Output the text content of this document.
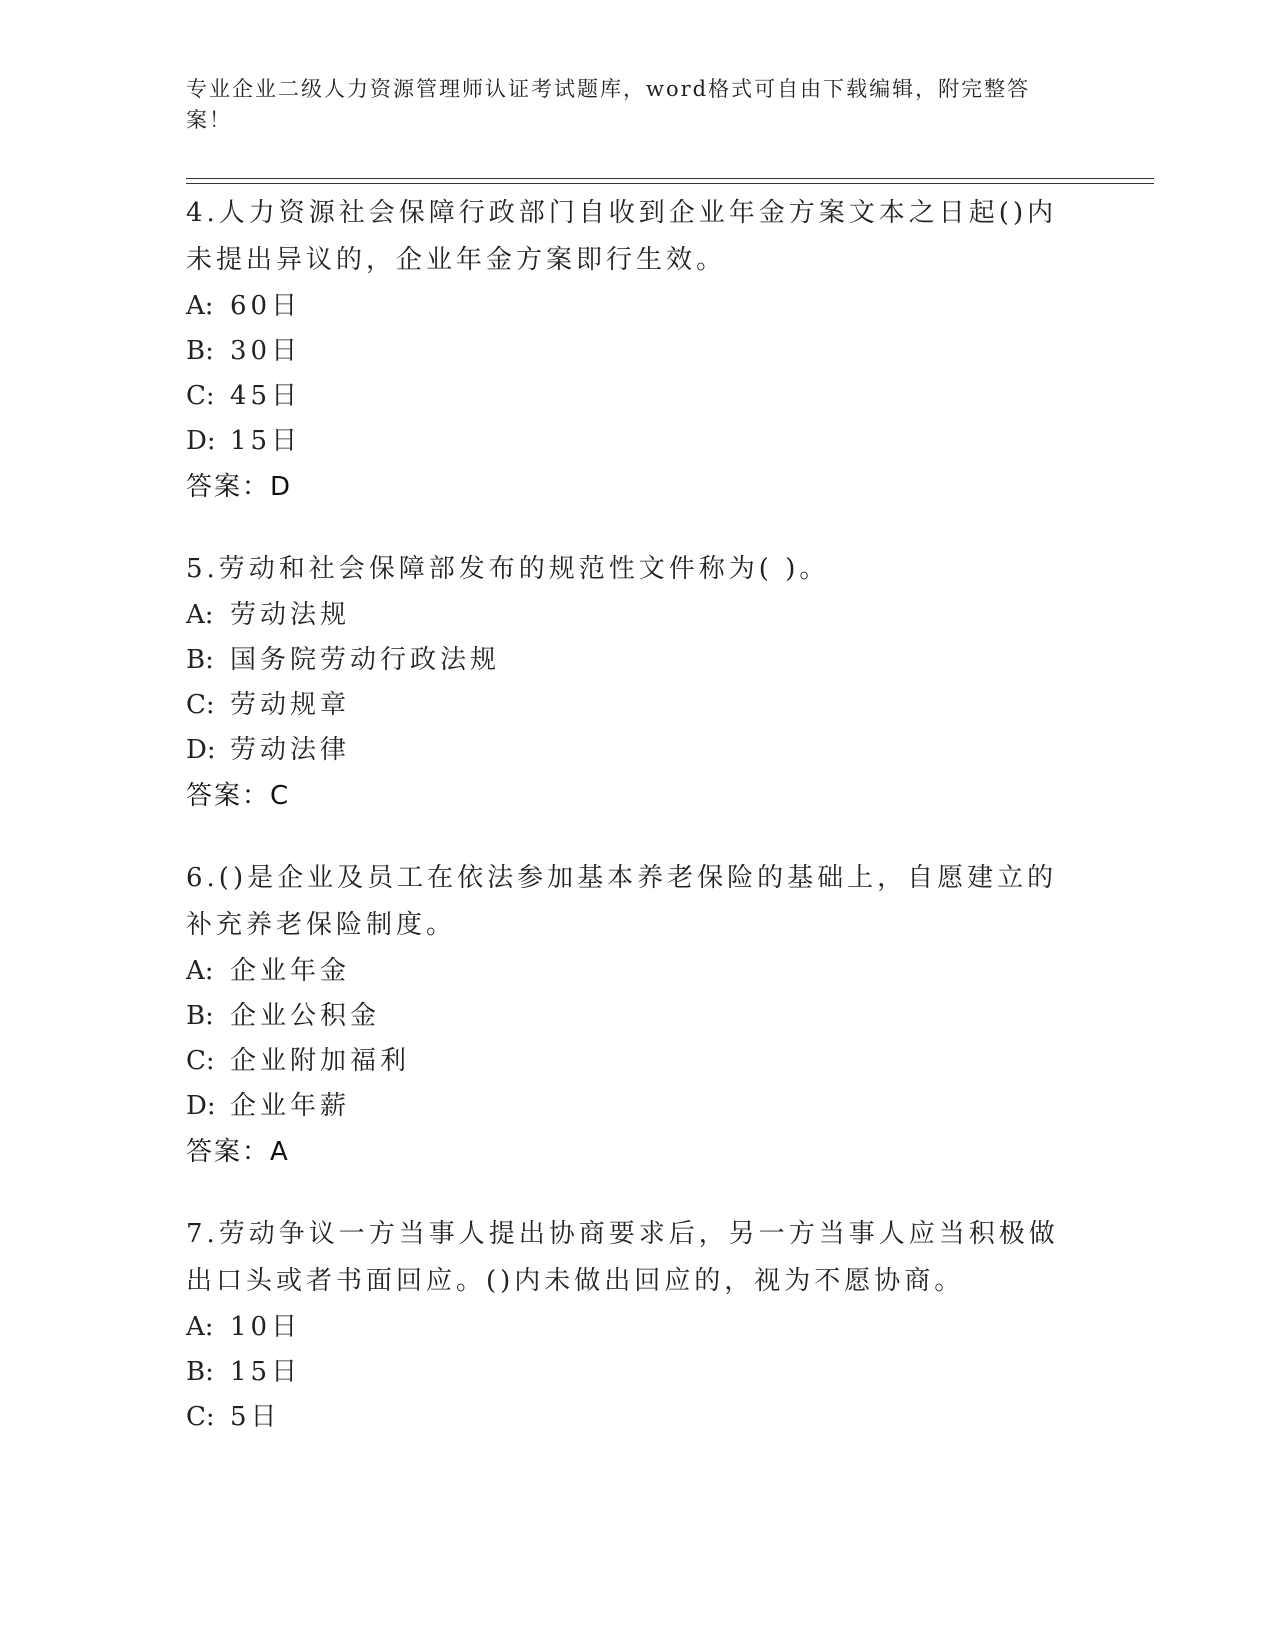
专业企业二级人力资源管理师认证考试题库，word格式可自由下载编辑，附完整答案！

4.人力资源社会保障行政部门自收到企业年金方案文本之日起()内未提出异议的，企业年金方案即行生效。

A: 60日
B: 30日
C: 45日
D: 15日
答案：D

5.劳动和社会保障部发布的规范性文件称为( )。

A: 劳动法规
B: 国务院劳动行政法规
C: 劳动规章
D: 劳动法律
答案：C

6.()是企业及员工在依法参加基本养老保险的基础上，自愿建立的补充养老保险制度。

A: 企业年金
B: 企业公积金
C: 企业附加福利
D: 企业年薪
答案：A

7.劳动争议一方当事人提出协商要求后，另一方当事人应当积极做出口头或者书面回应。()内未做出回应的，视为不愿协商。

A: 10日
B: 15日
C: 5日
